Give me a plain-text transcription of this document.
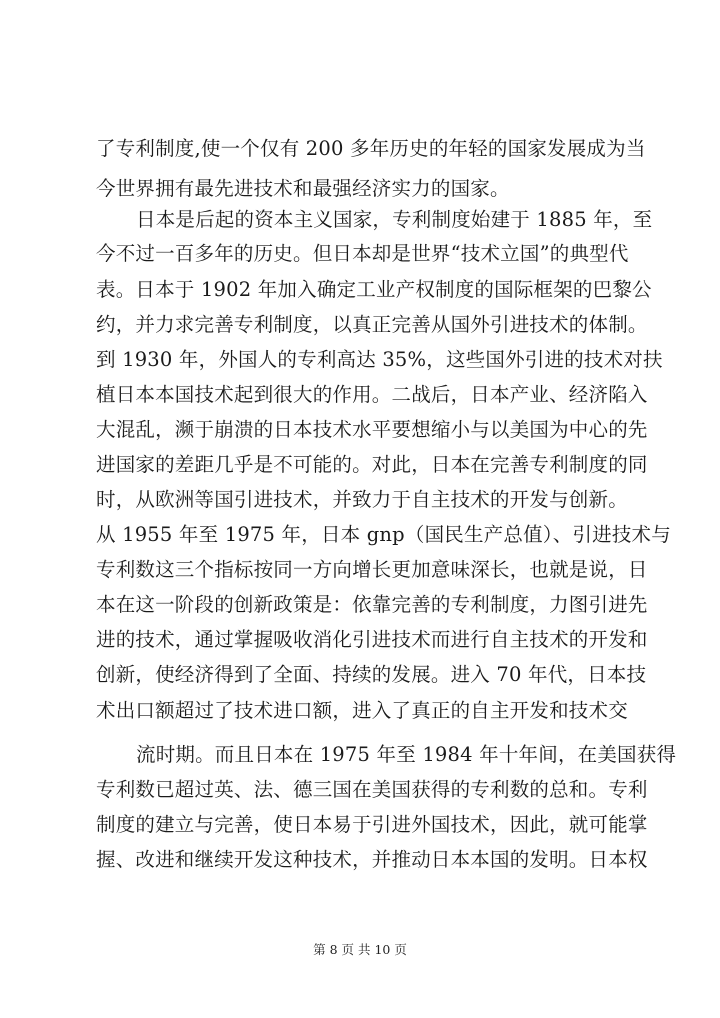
了专利制度,使一个仅有 200 多年历史的年轻的国家发展成为当
今世界拥有最先进技术和最强经济实力的国家。
日本是后起的资本主义国家，专利制度始建于 1885 年，至
今不过一百多年的历史。但日本却是世界“技术立国”的典型代
表。日本于 1902 年加入确定工业产权制度的国际框架的巴黎公
约，并力求完善专利制度，以真正完善从国外引进技术的体制。
到 1930 年，外国人的专利高达 35%，这些国外引进的技术对扶
植日本本国技术起到很大的作用。二战后，日本产业、经济陷入
大混乱，濒于崩溃的日本技术水平要想缩小与以美国为中心的先
进国家的差距几乎是不可能的。对此，日本在完善专利制度的同
时，从欧洲等国引进技术，并致力于自主技术的开发与创新。
从 1955 年至 1975 年，日本 gnp（国民生产总值）、引进技术与
专利数这三个指标按同一方向增长更加意味深长，也就是说，日
本在这一阶段的创新政策是：依靠完善的专利制度，力图引进先
进的技术，通过掌握吸收消化引进技术而进行自主技术的开发和
创新，使经济得到了全面、持续的发展。进入 70 年代，日本技
术出口额超过了技术进口额，进入了真正的自主开发和技术交
流时期。而且日本在 1975 年至 1984 年十年间，在美国获得
专利数已超过英、法、德三国在美国获得的专利数的总和。专利
制度的建立与完善，使日本易于引进外国技术，因此，就可能掌
握、改进和继续开发这种技术，并推动日本本国的发明。日本权
第 8 页 共 10 页
